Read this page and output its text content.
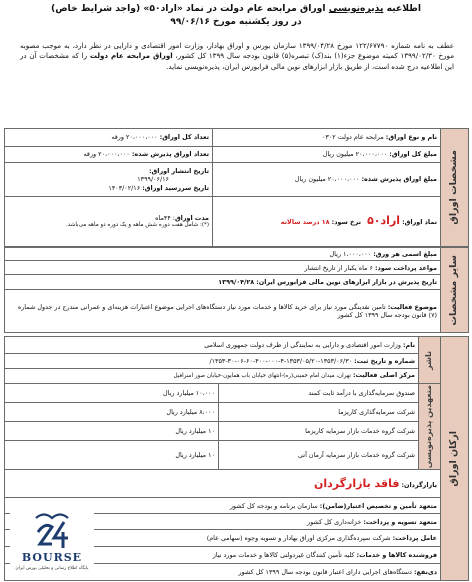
اطلاعیه پذیره‌نویسی اوراق مرابحه عام دولت در نماد «اراد۵۰» (واجد شرایط خاص)
در روز یکشنبه مورخ ۹۹/۰۶/۱۶
عطف به نامه شماره ۱۲۲/۶۷۷۹۰ مورخ ۱۳۹۹/۰۴/۲۸ سازمان بورس و اوراق بهادار، وزارت امور اقتصادی و دارایی در نظر دارد، به موجب مصوبه مورخ ۱۳۹۹/۰۲/۳۰ کمیته موضوع جزء(۱) بند(ک) تبصره(۵) قانون بودجه سال ۱۳۹۹ کل کشور، اوراق مرابحه عام دولت را که مشخصات آن در این اطلاعیه درج شده است، از طریق بازار ابزارهای نوین مالی فرابورس ایران، پذیره‌نویسی نماید.
مشخصات اوراق	نام و نوع اوراق: مرابحه عام دولت ۰۳۰۲	تعداد کل اوراق: ۲۰،۰۰۰،۰۰۰ ورقه
	مبلغ کل اوراق: ۲۰،۰۰۰،۰۰۰ میلیون ریال	تعداد اوراق پذیرش شده: ۲۰،۰۰۰،۰۰۰ ورقه
	مبلغ اوراق پذیرش شده: ۲۰،۰۰۰،۰۰۰ میلیون ریال	تاریخ انتشار اوراق:
۱۳۹۹/۰۶/۱۶
تاریخ سررسید اوراق: ۱۴۰۳/۰۲/۱۶

	نماد اوراق: اراد۵۰   نرخ سود: ۱۸ درصد سالانه	مدت اوراق: ۴۴ماه
(*): شامل هفت دوره شش ماهه و یک دوره دو ماهه می‌باشد.
سایر مشخصات
	مبلغ اسمی هر ورق: ۱،۰۰۰،۰۰۰ ریال
مواعد پرداخت سود: ۶ ماه یکبار از تاریخ انتشار
تاریخ پذیرش در بازار ابزارهای نوین مالی فرابورس ایران: ۱۳۹۹/۰۴/۲۸
موضوع فعالیت: تامین نقدینگی مورد نیاز برای خرید کالاها و خدمات مورد نیاز دستگاه‌های اجرایی موضوع اعتبارات هزینه‌ای و عمرانی مندرج در جدول شماره (۷) قانون بودجه سال ۱۳۹۹ کل کشور
ارکان اوراق	ناشر	نام: وزارت امور اقتصادی و دارایی به نمایندگی از طرف دولت جمهوری اسلامی	
		شماره و تاریخ ثبت: ۱۳۵۳/۰۶/۳۰-۱۳۵۳/۰۵/۲۰-۴-۰۰۰-۴۰۰-۶۰-۰۶-۳۰-۱۳۵۳/	
		مرکز اصلی فعالیت: تهران، میدان امام خمینی(ره)-انتهای خیابان باب همایون-خیابان صور اسرافیل	

	متعهدین پذیره‌نویسی	صندوق سرمایه‌گذاری با درآمد ثابت کمند	۱۰،۰۰۰ میلیارد ریال
		شرکت سرمایه‌گذاری کاریزما	۸،۰۰۰ میلیارد ریال
		شرکت گروه خدمات بازار سرمایه کاریزما	۱۰ میلیارد ریال
		شرکت گروه خدمات بازار سرمایه آرمان آتی	۱۰ میلیارد ریال
	بازارگردان: فاقد بازارگردان		
	متعهد تأمین و تخصیص اعتبار(ضامن): سازمان برنامه و بودجه کل کشور		
	متعهد تسویه و پرداخت: خزانه‌داری کل کشور		
	عامل پرداخت: شرکت سپرده‌گذاری مرکزی اوراق بهادار و تسویه وجوه (سهامی عام)		
	فروشنده کالاها و خدمات: کلیه تأمین کنندگان غیردولتی کالاها و خدمات مورد نیاز		
	دی‌نفع: دستگاه‌های اجرایی دارای اعتبار قانون بودجه سال ۱۳۹۹ کل کشور		
BOURSE
پایگاه اطلاع رسانی و تحلیلی بورس ایران
